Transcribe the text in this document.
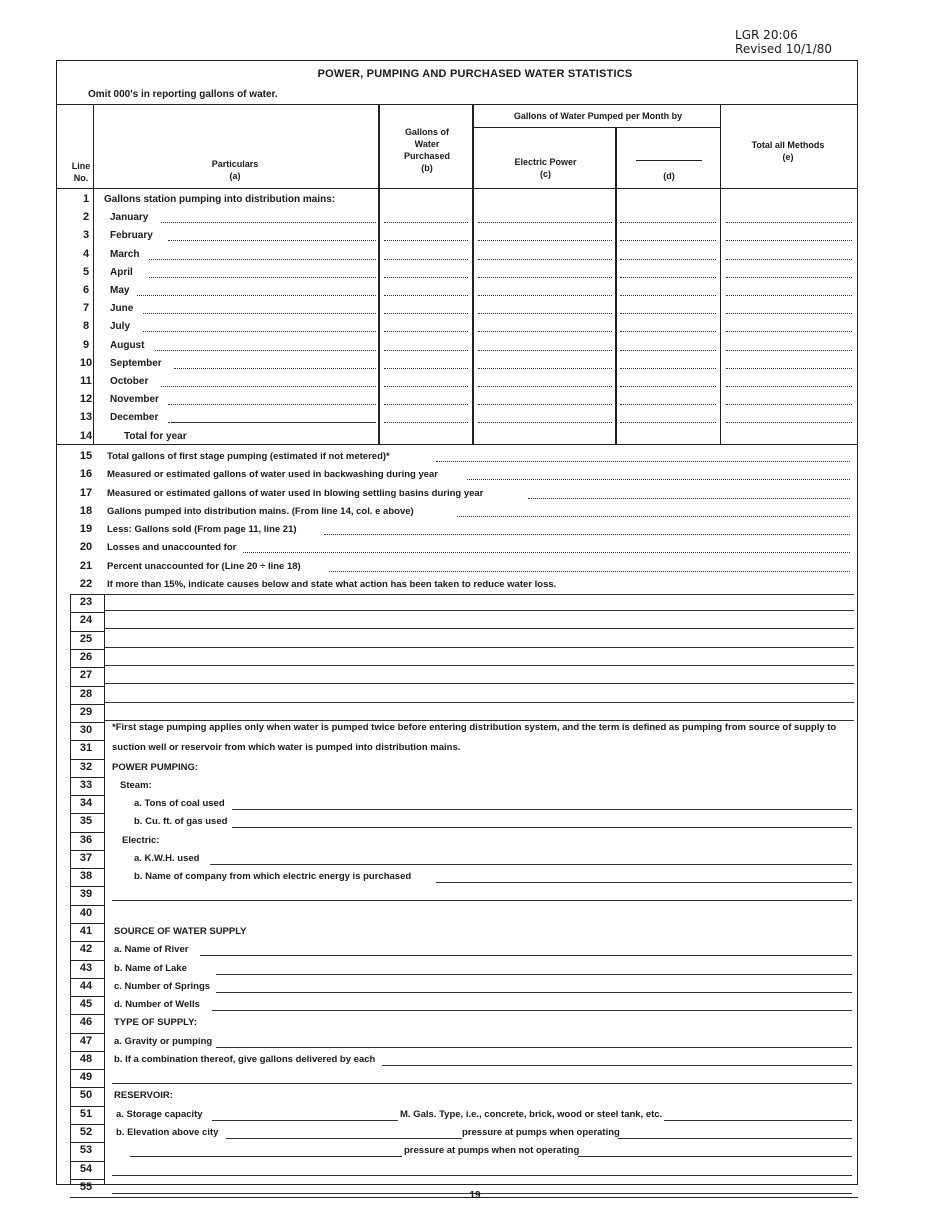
LGR 20:06
Revised 10/1/80
POWER, PUMPING AND PURCHASED WATER STATISTICS
Omit 000's in reporting gallons of water.
Line No.
Particulars
(a)
Gallons of Water Purchased
(b)
Gallons of Water Pumped per Month by
Electric Power
(c)	(d)
Total all Methods
(e)
1	Gallons station pumping into distribution mains:
2	January
3	February
4	March
5	April
6	May
7	June
8	July
9	August
10	September
11	October
12	November
13	December
14	Total for year
15	Total gallons of first stage pumping (estimated if not metered)*
16	Measured or estimated gallons of water used in backwashing during year
17	Measured or estimated gallons of water used in blowing settling basins during year
18	Gallons pumped into distribution mains. (From line 14, col. e above)
19	Less: Gallons sold (From page 11, line 21)
20	Losses and unaccounted for
21	Percent unaccounted for (Line 20 ÷ line 18)
22	If more than 15%, indicate causes below and state what action has been taken to reduce water loss.
23
24
25
26
27
28
29
30	*First stage pumping applies only when water is pumped twice before entering distribution system, and the term is defined as pumping from source of supply to
31	suction well or reservoir from which water is pumped into distribution mains.
32	POWER PUMPING:
33	Steam:
34	a. Tons of coal used
35	b. Cu. ft. of gas used
36	Electric:
37	a. K.W.H. used
38	b. Name of company from which electric energy is purchased
39
40
41	SOURCE OF WATER SUPPLY
42	a. Name of River
43	b. Name of Lake
44	c. Number of Springs
45	d. Number of Wells
46	TYPE OF SUPPLY:
47	a. Gravity or pumping
48	b. If a combination thereof, give gallons delivered by each
49
50	RESERVOIR:
51	a. Storage capacity	M. Gals. Type, i.e., concrete, brick, wood or steel tank, etc.
52	b. Elevation above city	pressure at pumps when operating
53	pressure at pumps when not operating
54
55
19
